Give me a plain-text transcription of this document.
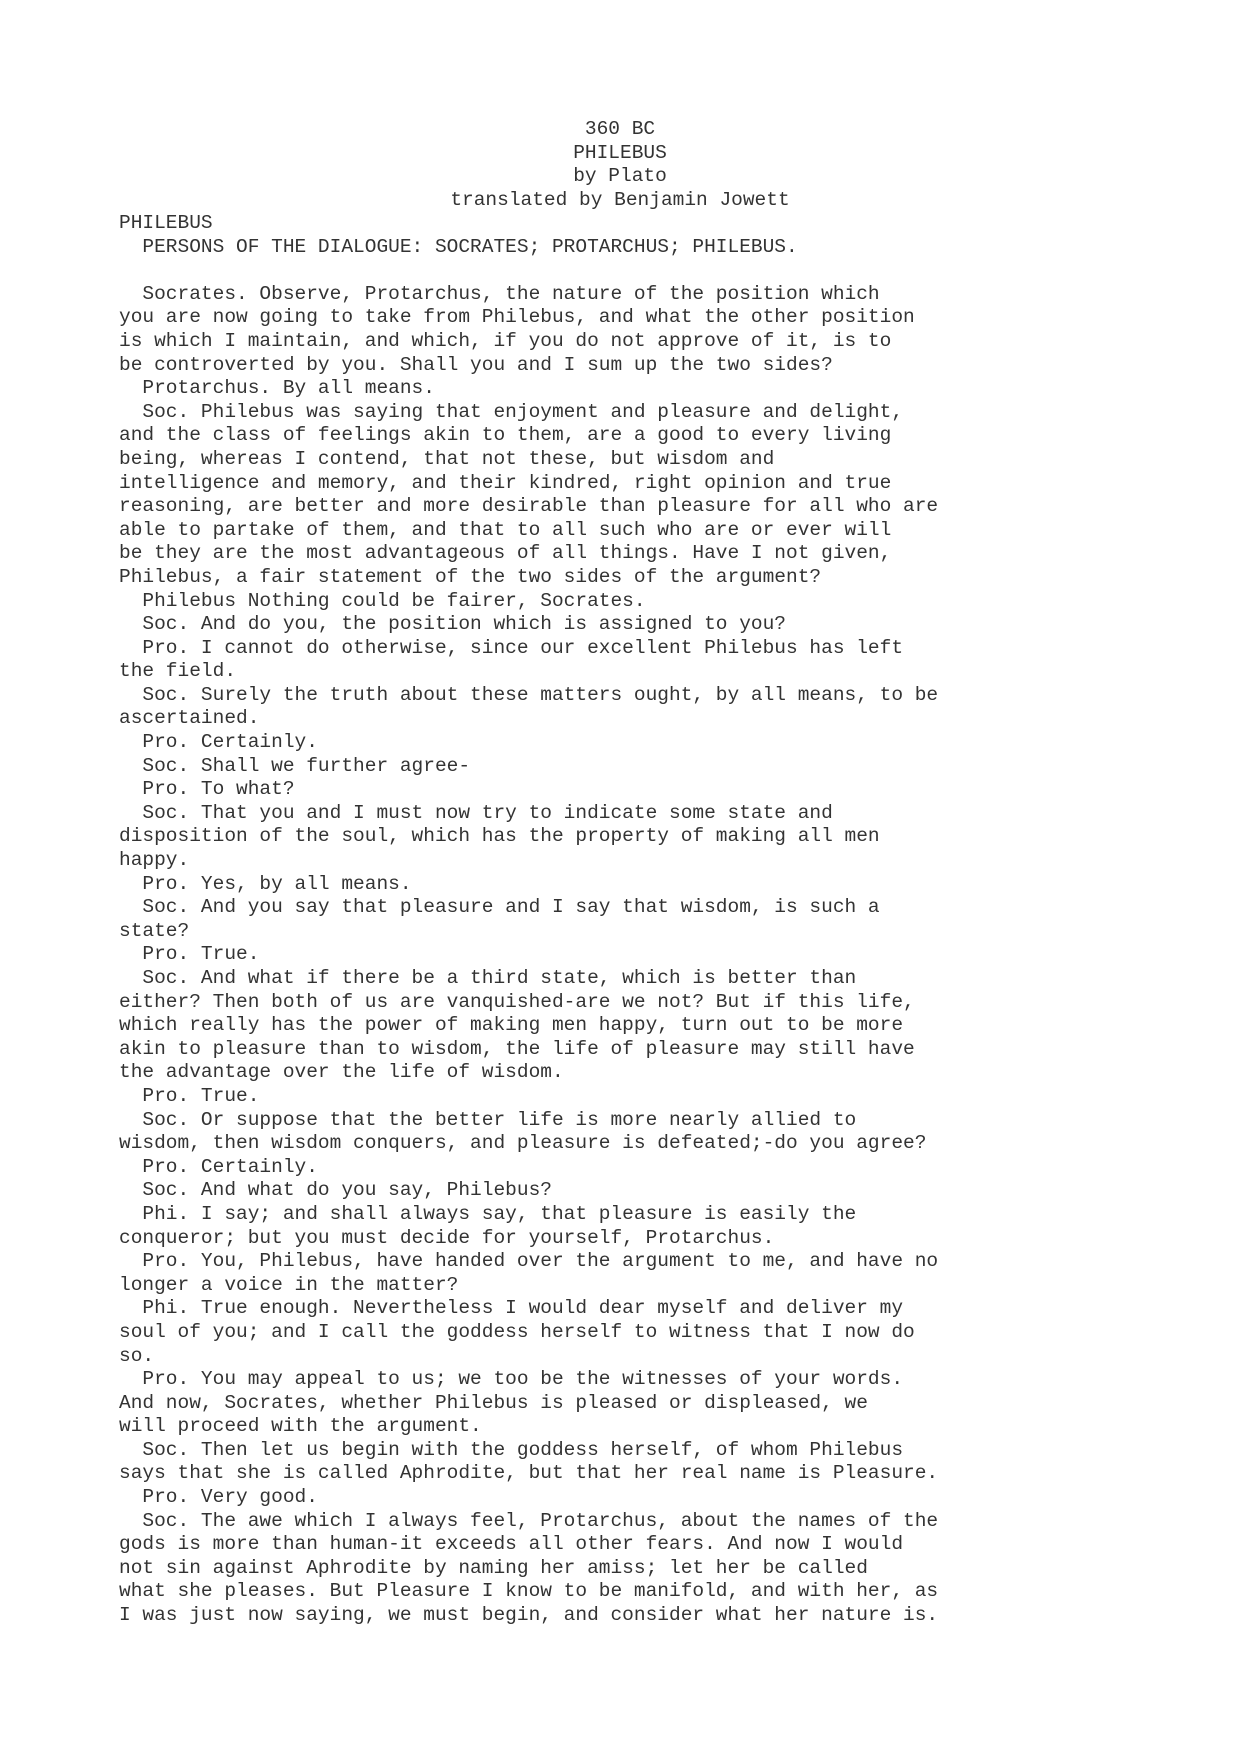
360 BC
PHILEBUS
by Plato
translated by Benjamin Jowett
PHILEBUS
PERSONS OF THE DIALOGUE: SOCRATES; PROTARCHUS; PHILEBUS.
Socrates. Observe, Protarchus, the nature of the position which
you are now going to take from Philebus, and what the other position
is which I maintain, and which, if you do not approve of it, is to
be controverted by you. Shall you and I sum up the two sides?
Protarchus. By all means.
Soc. Philebus was saying that enjoyment and pleasure and delight,
and the class of feelings akin to them, are a good to every living
being, whereas I contend, that not these, but wisdom and
intelligence and memory, and their kindred, right opinion and true
reasoning, are better and more desirable than pleasure for all who are
able to partake of them, and that to all such who are or ever will
be they are the most advantageous of all things. Have I not given,
Philebus, a fair statement of the two sides of the argument?
Philebus Nothing could be fairer, Socrates.
Soc. And do you, the position which is assigned to you?
Pro. I cannot do otherwise, since our excellent Philebus has left
the field.
Soc. Surely the truth about these matters ought, by all means, to be
ascertained.
Pro. Certainly.
Soc. Shall we further agree-
Pro. To what?
Soc. That you and I must now try to indicate some state and
disposition of the soul, which has the property of making all men
happy.
Pro. Yes, by all means.
Soc. And you say that pleasure and I say that wisdom, is such a
state?
Pro. True.
Soc. And what if there be a third state, which is better than
either? Then both of us are vanquished-are we not? But if this life,
which really has the power of making men happy, turn out to be more
akin to pleasure than to wisdom, the life of pleasure may still have
the advantage over the life of wisdom.
Pro. True.
Soc. Or suppose that the better life is more nearly allied to
wisdom, then wisdom conquers, and pleasure is defeated;-do you agree?
Pro. Certainly.
Soc. And what do you say, Philebus?
Phi. I say; and shall always say, that pleasure is easily the
conqueror; but you must decide for yourself, Protarchus.
Pro. You, Philebus, have handed over the argument to me, and have no
longer a voice in the matter?
Phi. True enough. Nevertheless I would dear myself and deliver my
soul of you; and I call the goddess herself to witness that I now do
so.
Pro. You may appeal to us; we too be the witnesses of your words.
And now, Socrates, whether Philebus is pleased or displeased, we
will proceed with the argument.
Soc. Then let us begin with the goddess herself, of whom Philebus
says that she is called Aphrodite, but that her real name is Pleasure.
Pro. Very good.
Soc. The awe which I always feel, Protarchus, about the names of the
gods is more than human-it exceeds all other fears. And now I would
not sin against Aphrodite by naming her amiss; let her be called
what she pleases. But Pleasure I know to be manifold, and with her, as
I was just now saying, we must begin, and consider what her nature is.
